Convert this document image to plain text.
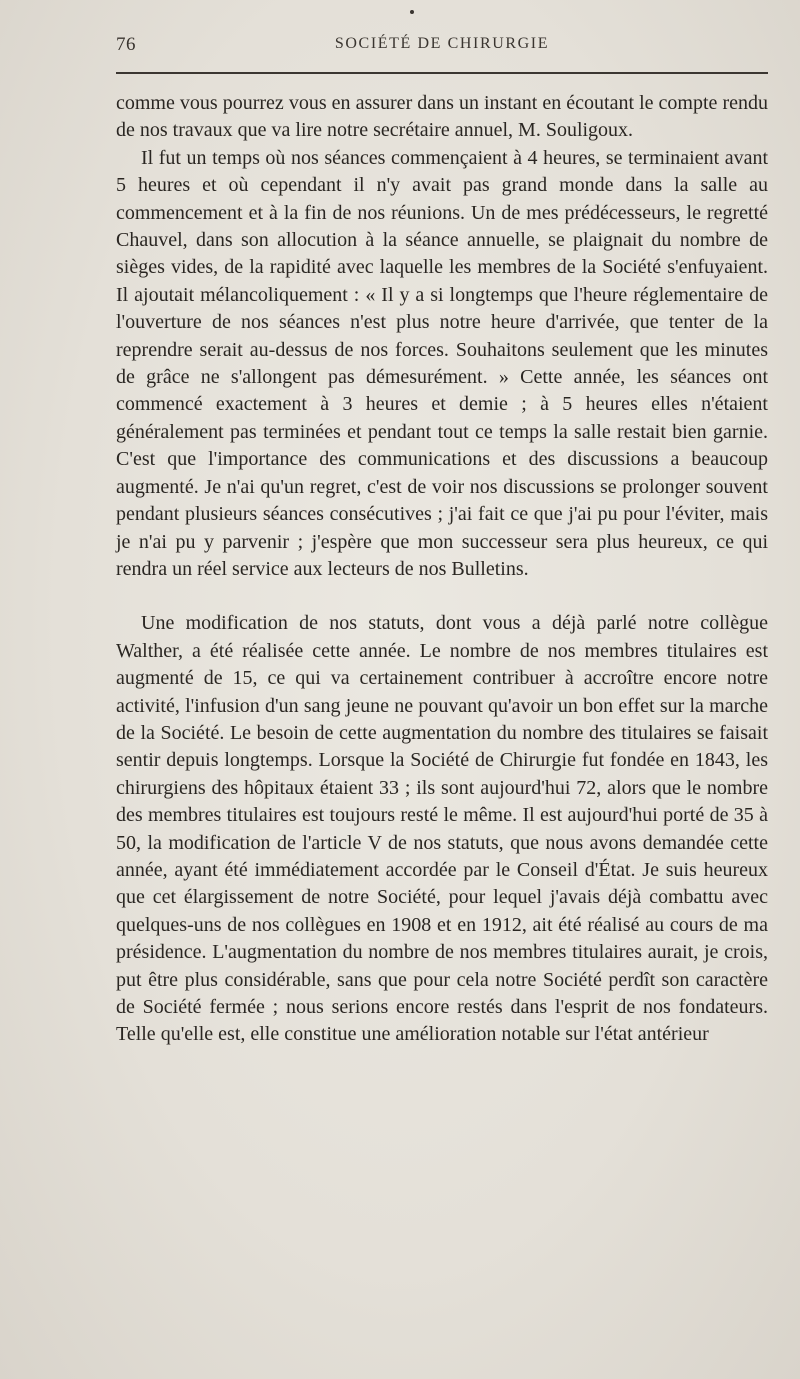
76	SOCIÉTÉ DE CHIRURGIE

comme vous pourrez vous en assurer dans un instant en écoutant le compte rendu de nos travaux que va lire notre secrétaire annuel, M. Souligoux.

Il fut un temps où nos séances commençaient à 4 heures, se terminaient avant 5 heures et où cependant il n'y avait pas grand monde dans la salle au commencement et à la fin de nos réunions. Un de mes prédécesseurs, le regretté Chauvel, dans son allocution à la séance annuelle, se plaignait du nombre de sièges vides, de la rapidité avec laquelle les membres de la Société s'enfuyaient. Il ajoutait mélancoliquement : « Il y a si longtemps que l'heure réglementaire de l'ouverture de nos séances n'est plus notre heure d'arrivée, que tenter de la reprendre serait au-dessus de nos forces. Souhaitons seulement que les minutes de grâce ne s'allongent pas démesurément. » Cette année, les séances ont commencé exactement à 3 heures et demie ; à 5 heures elles n'étaient généralement pas terminées et pendant tout ce temps la salle restait bien garnie. C'est que l'importance des communications et des discussions a beaucoup augmenté. Je n'ai qu'un regret, c'est de voir nos discussions se prolonger souvent pendant plusieurs séances consécutives ; j'ai fait ce que j'ai pu pour l'éviter, mais je n'ai pu y parvenir ; j'espère que mon successeur sera plus heureux, ce qui rendra un réel service aux lecteurs de nos Bulletins.

Une modification de nos statuts, dont vous a déjà parlé notre collègue Walther, a été réalisée cette année. Le nombre de nos membres titulaires est augmenté de 15, ce qui va certainement contribuer à accroître encore notre activité, l'infusion d'un sang jeune ne pouvant qu'avoir un bon effet sur la marche de la Société. Le besoin de cette augmentation du nombre des titulaires se faisait sentir depuis longtemps. Lorsque la Société de Chirurgie fut fondée en 1843, les chirurgiens des hôpitaux étaient 33 ; ils sont aujourd'hui 72, alors que le nombre des membres titulaires est toujours resté le même. Il est aujourd'hui porté de 35 à 50, la modification de l'article V de nos statuts, que nous avons demandée cette année, ayant été immédiatement accordée par le Conseil d'État. Je suis heureux que cet élargissement de notre Société, pour lequel j'avais déjà combattu avec quelques-uns de nos collègues en 1908 et en 1912, ait été réalisé au cours de ma présidence. L'augmentation du nombre de nos membres titulaires aurait, je crois, put être plus considérable, sans que pour cela notre Société perdît son caractère de Société fermée ; nous serions encore restés dans l'esprit de nos fondateurs. Telle qu'elle est, elle constitue une amélioration notable sur l'état antérieur
